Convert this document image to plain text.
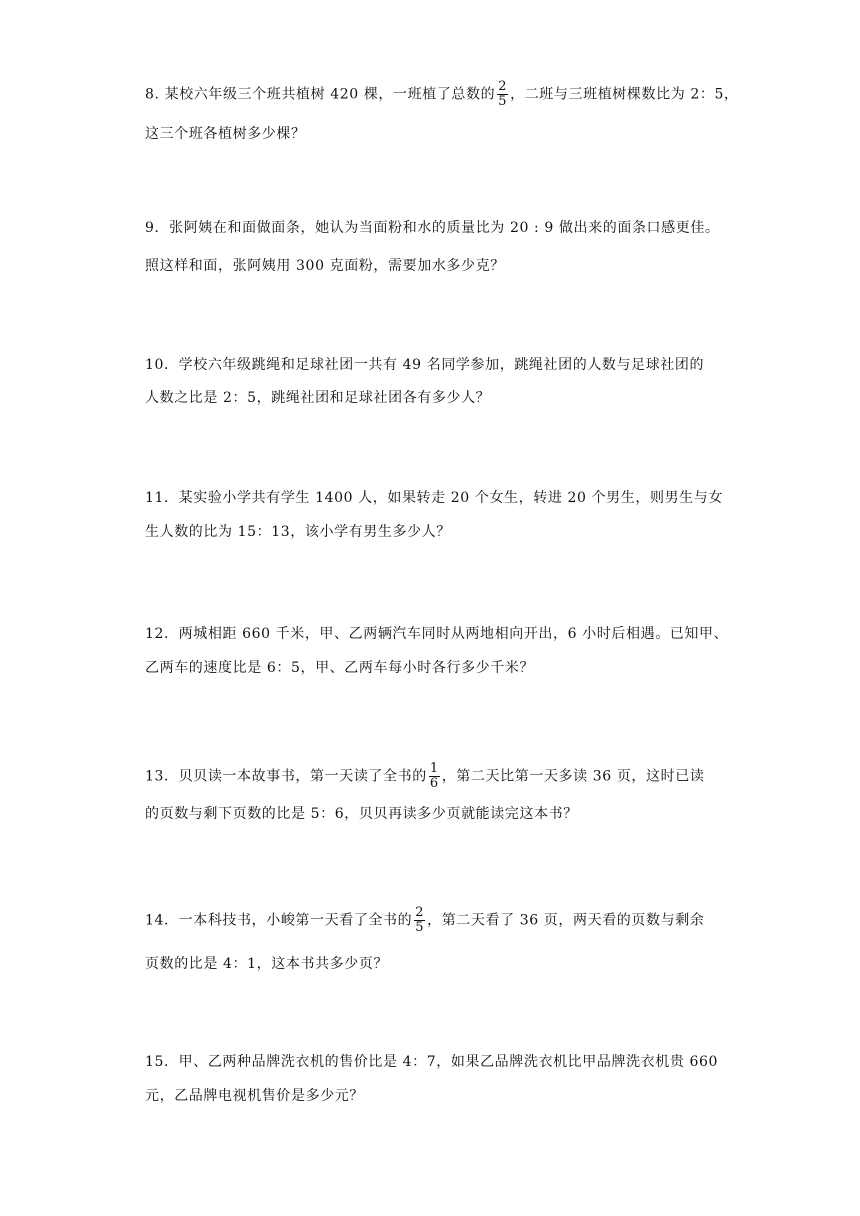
8. 某校六年级三个班共植树 420 棵，一班植了总数的 $\frac{2}{5}$ ，二班与三班植树棵数比为 2：5，
这三个班各植树多少棵？
9．张阿姨在和面做面条，她认为当面粉和水的质量比为 20 : 9 做出来的面条口感更佳。
照这样和面，张阿姨用 300 克面粉，需要加水多少克？
10．学校六年级跳绳和足球社团一共有 49 名同学参加，跳绳社团的人数与足球社团的
人数之比是 2：5，跳绳社团和足球社团各有多少人？
11．某实验小学共有学生 1400 人，如果转走 20 个女生，转进 20 个男生，则男生与女
生人数的比为 15：13，该小学有男生多少人？
12．两城相距 660 千米，甲、乙两辆汽车同时从两地相向开出，6 小时后相遇。已知甲、
乙两车的速度比是 6：5，甲、乙两车每小时各行多少千米？
13．贝贝读一本故事书，第一天读了全书的 $\frac{1}{6}$ ，第二天比第一天多读 36 页，这时已读
的页数与剩下页数的比是 5：6，贝贝再读多少页就能读完这本书？
14．一本科技书，小峻第一天看了全书的 $\frac{2}{5}$ ，第二天看了 36 页，两天看的页数与剩余
页数的比是 4：1，这本书共多少页？
15．甲、乙两种品牌洗衣机的售价比是 4：7，如果乙品牌洗衣机比甲品牌洗衣机贵 660
元，乙品牌电视机售价是多少元？
